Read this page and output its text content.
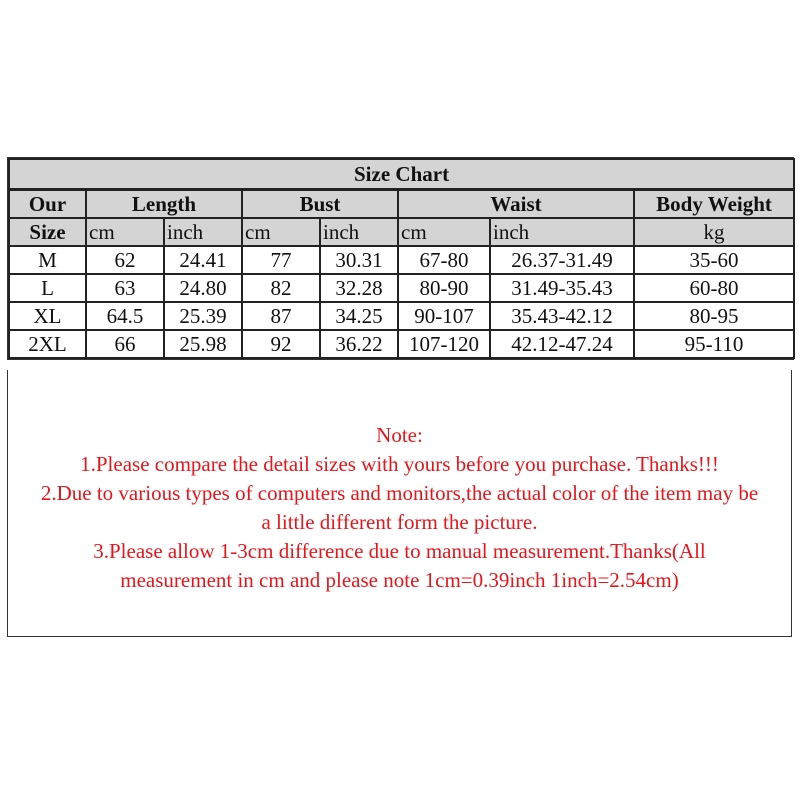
Size Chart							
Our	Length		Bust		Waist		Body Weight
Size	cm	inch	cm	inch	cm	inch	kg
M	62	24.41	77	30.31	67-80	26.37-31.49	35-60
L	63	24.80	82	32.28	80-90	31.49-35.43	60-80
XL	64.5	25.39	87	34.25	90-107	35.43-42.12	80-95
2XL	66	25.98	92	36.22	107-120	42.12-47.24	95-110
Note:
1.Please compare the detail sizes with yours before you purchase. Thanks!!!
2.Due to various types of computers and monitors,the actual color of the item may be
a little different form the picture.
3.Please allow 1-3cm difference due to manual measurement.Thanks(All
measurement in cm and please note 1cm=0.39inch 1inch=2.54cm)
